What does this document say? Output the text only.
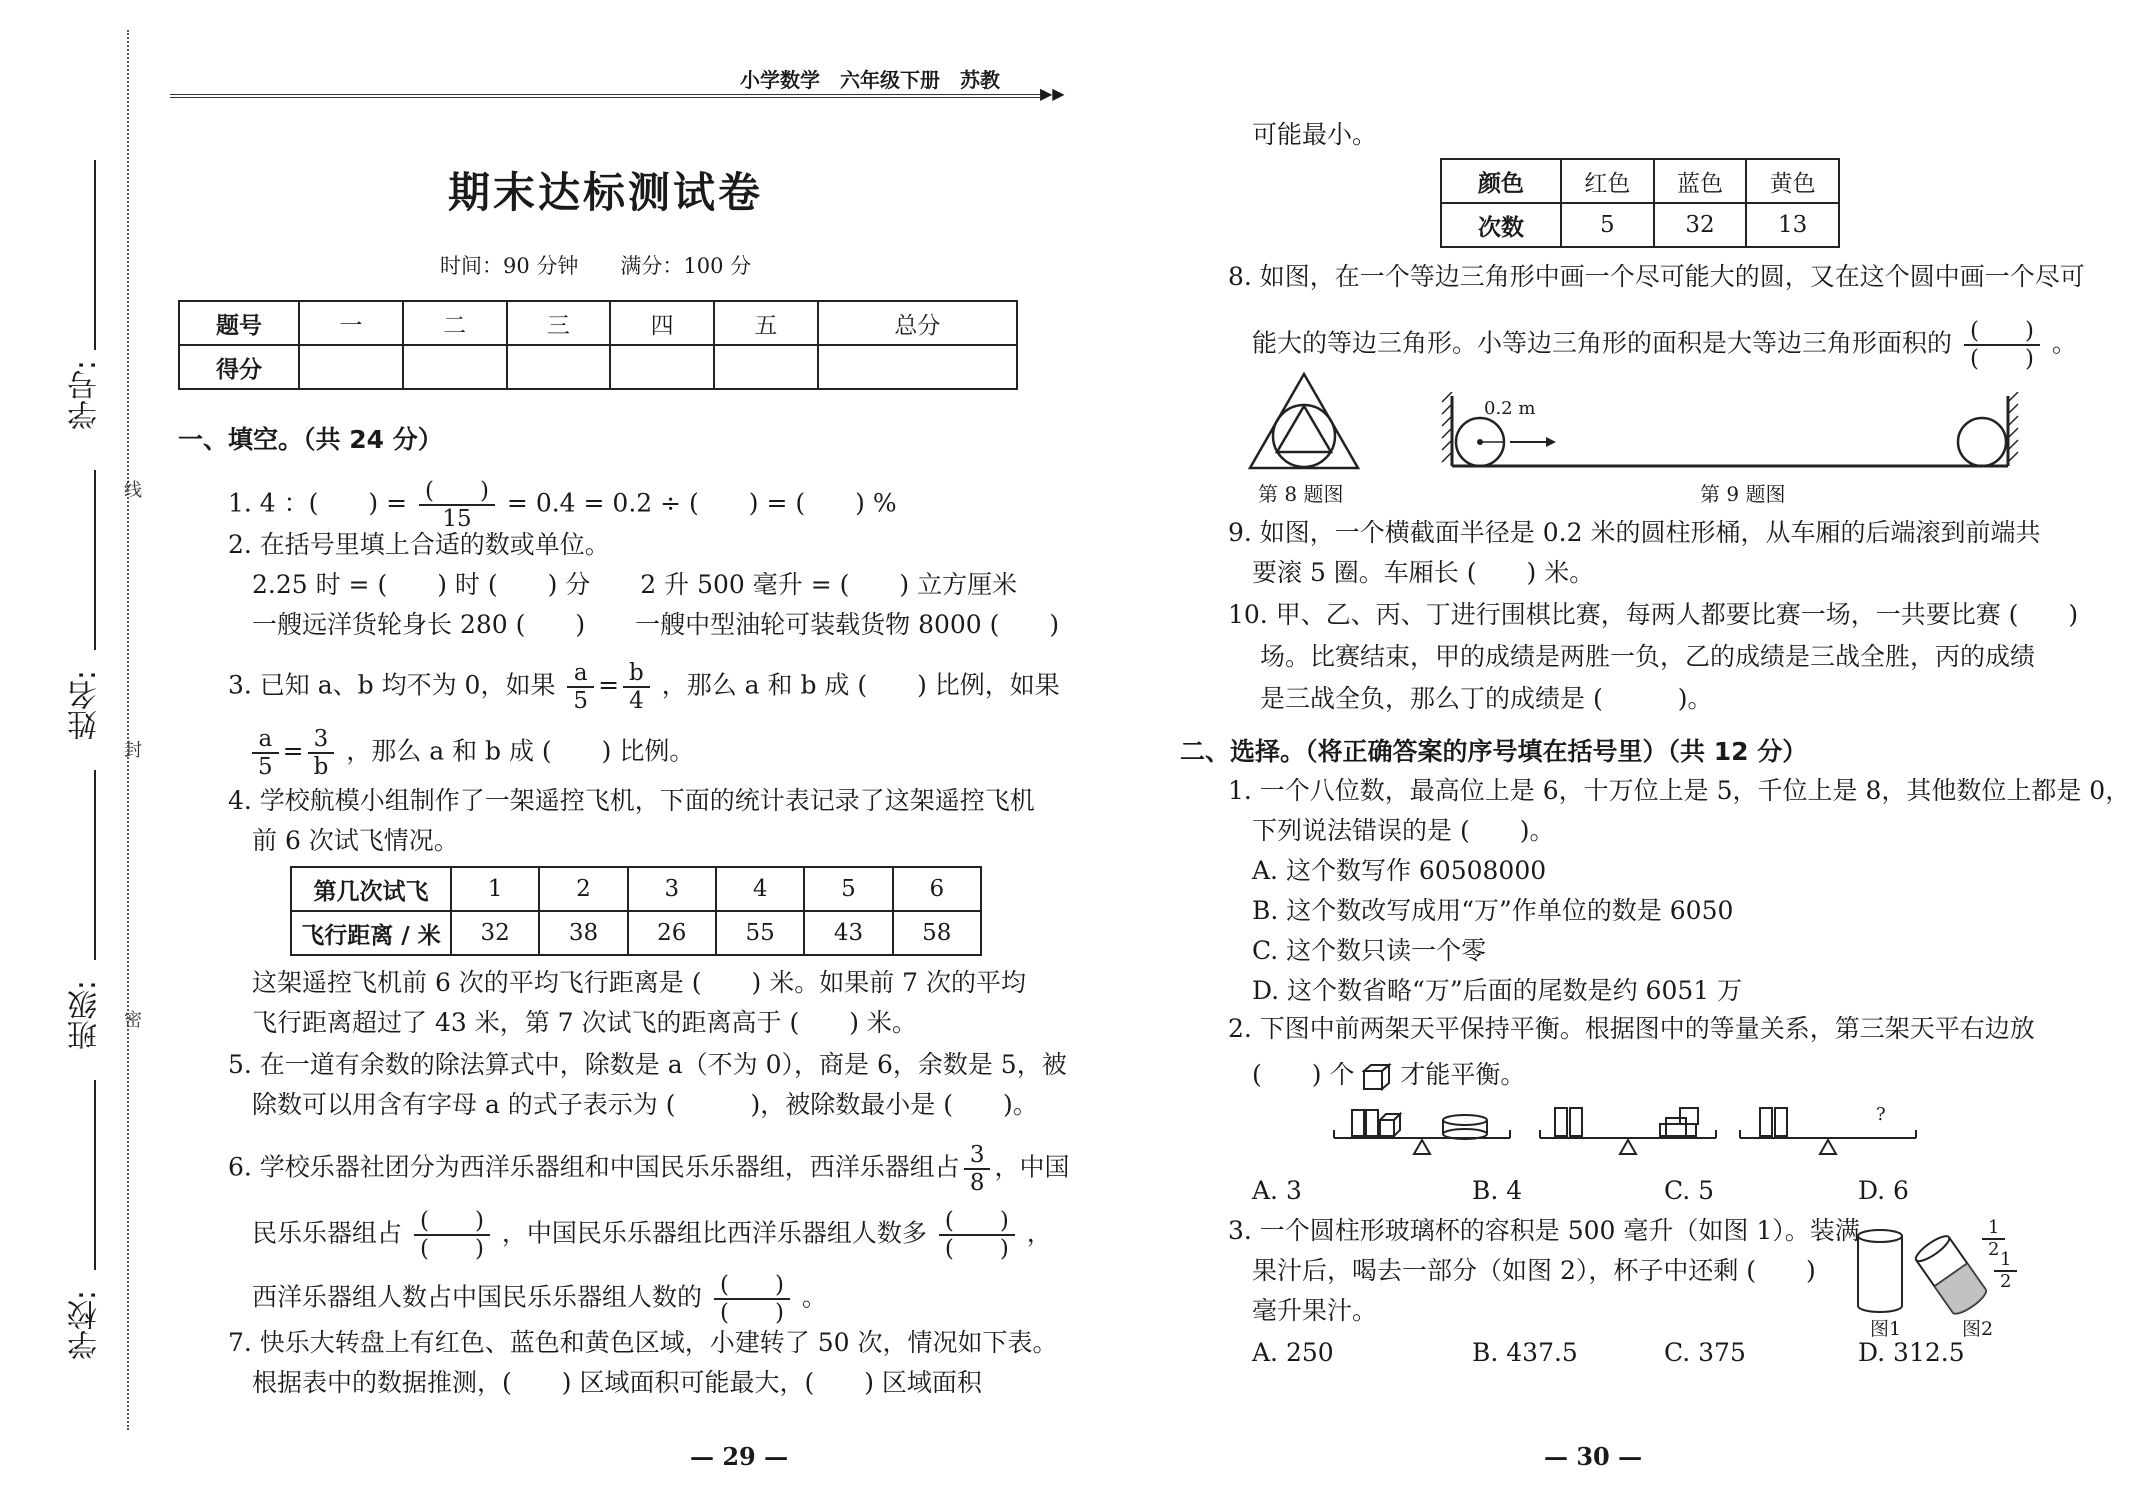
学号:
姓名:
班级:
学校:
线
封
密
小学数学　六年级下册　苏教
▶▶
期末达标测试卷
时间：90 分钟　　满分：100 分
题号	一	二	三	四	五	总分
得分						
一、填空。（共 24 分）
1. 4 ：(　　) = $\frac{( )}{15} = 0.4 = 0.2$ ÷ (　　) = (　　) %
2. 在括号里填上合适的数或单位。
2.25 时 = (　　) 时 (　　) 分　　2 升 500 毫升 = (　　) 立方厘米
一艘远洋货轮身长 280 (　　)　　一艘中型油轮可装载货物 8000 (　　)
3. 已知 a、b 均不为 0，如果 $\frac{a}{5} = \frac{b}{4}$ ，那么 a 和 b 成 (　　) 比例，如果
$\frac{a}{5} = \frac{3}{b}$ ，那么 a 和 b 成 (　　) 比例。
4. 学校航模小组制作了一架遥控飞机，下面的统计表记录了这架遥控飞机
前 6 次试飞情况。
第几次试飞	1	2	3	4	5	6
飞行距离 / 米	32	38	26	55	43	58
这架遥控飞机前 6 次的平均飞行距离是 (　　) 米。如果前 7 次的平均
飞行距离超过了 43 米，第 7 次试飞的距离高于 (　　) 米。
5. 在一道有余数的除法算式中，除数是 a（不为 0），商是 6，余数是 5，被
除数可以用含有字母 a 的式子表示为 (　　　)，被除数最小是 (　　)。
6. 学校乐器社团分为西洋乐器组和中国民乐乐器组，西洋乐器组占 $\frac{3}{8}$ ，中国
民乐乐器组占 $\frac{( )}{( )}$ ，中国民乐乐器组比西洋乐器组人数多 $\frac{( )}{( )}$ ，
西洋乐器组人数占中国民乐乐器组人数的 $\frac{( )}{( )}$ 。
7. 快乐大转盘上有红色、蓝色和黄色区域，小建转了 50 次，情况如下表。
根据表中的数据推测，(　　) 区域面积可能最大，(　　) 区域面积
— 29 —
可能最小。
颜色	红色	蓝色	黄色
次数	5	32	13
8. 如图，在一个等边三角形中画一个尽可能大的圆，又在这个圆中画一个尽可
能大的等边三角形。小等边三角形的面积是大等边三角形面积的 $\frac{( )}{( )}$ 。
第 8 题图
0.2 m
第 9 题图
9. 如图，一个横截面半径是 0.2 米的圆柱形桶，从车厢的后端滚到前端共
要滚 5 圈。车厢长 (　　) 米。
10. 甲、乙、丙、丁进行围棋比赛，每两人都要比赛一场，一共要比赛 (　　)
场。比赛结束，甲的成绩是两胜一负，乙的成绩是三战全胜，丙的成绩
是三战全负，那么丁的成绩是 (　　　)。
二、选择。（将正确答案的序号填在括号里）（共 12 分）
1. 一个八位数，最高位上是 6，十万位上是 5，千位上是 8，其他数位上都是 0，
下列说法错误的是 (　　)。
A. 这个数写作 60508000
B. 这个数改写成用“万”作单位的数是 6050
C. 这个数只读一个零
D. 这个数省略“万”后面的尾数是约 6051 万
2. 下图中前两架天平保持平衡。根据图中的等量关系，第三架天平右边放
(　　) 个 才能平衡。
?
A. 3	B. 4	C. 5	D. 6
3. 一个圆柱形玻璃杯的容积是 500 毫升（如图 1）。装满
果汁后，喝去一部分（如图 2），杯子中还剩 (　　)
毫升果汁。
$\frac{1}{2}$
$\frac{1}{2}$
图1	图2
A. 250	B. 437.5	C. 375	D. 312.5
— 30 —
